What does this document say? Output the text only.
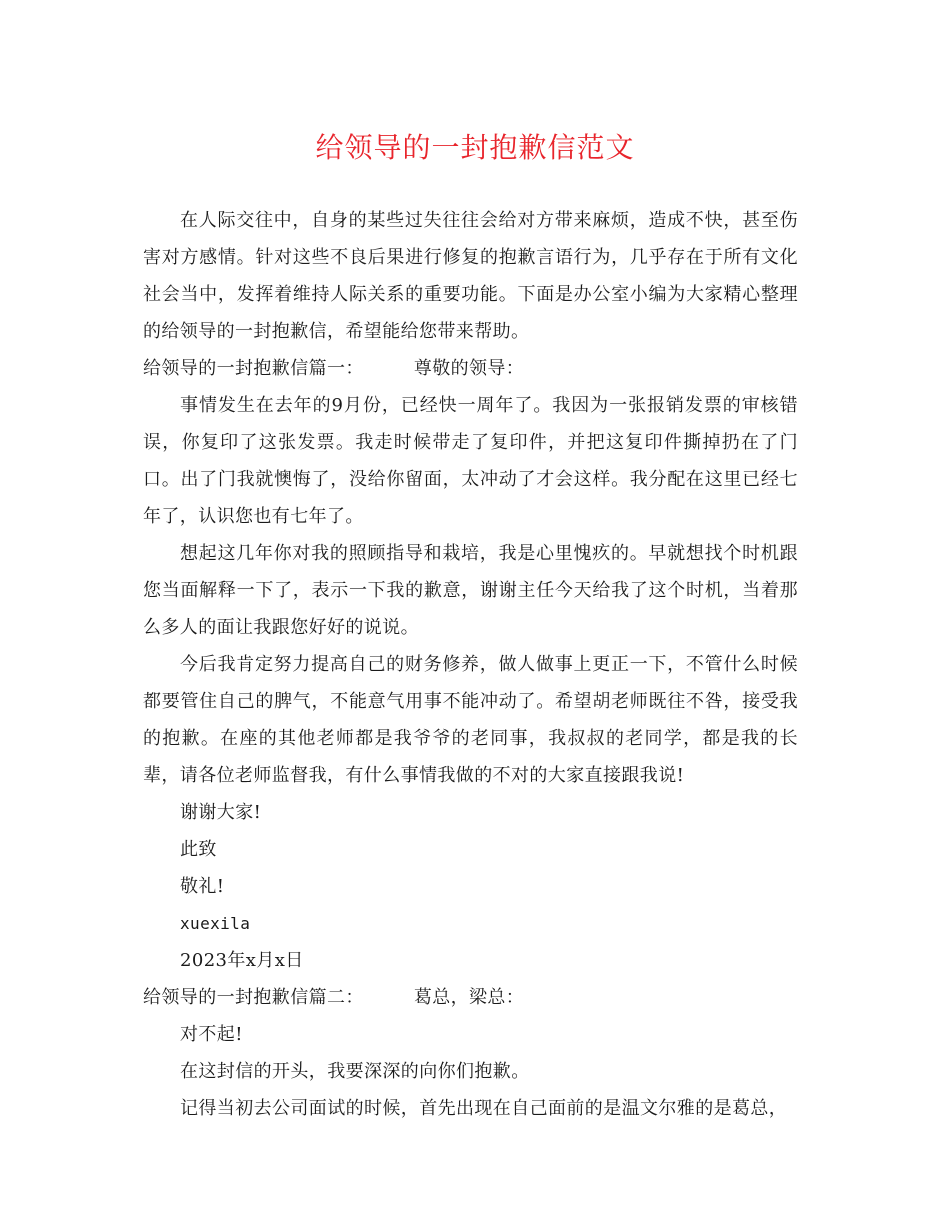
给领导的一封抱歉信范文

在人际交往中，自身的某些过失往往会给对方带来麻烦，造成不快，甚至伤害对方感情。针对这些不良后果进行修复的抱歉言语行为，几乎存在于所有文化社会当中，发挥着维持人际关系的重要功能。下面是办公室小编为大家精心整理的给领导的一封抱歉信，希望能给您带来帮助。

给领导的一封抱歉信篇一：	尊敬的领导：

事情发生在去年的9月份，已经快一周年了。我因为一张报销发票的审核错误，你复印了这张发票。我走时候带走了复印件，并把这复印件撕掉扔在了门口。出了门我就懊悔了，没给你留面，太冲动了才会这样。我分配在这里已经七年了，认识您也有七年了。

想起这几年你对我的照顾指导和栽培，我是心里愧疚的。早就想找个时机跟您当面解释一下了，表示一下我的歉意，谢谢主任今天给我了这个时机，当着那么多人的面让我跟您好好的说说。

今后我肯定努力提高自己的财务修养，做人做事上更正一下，不管什么时候都要管住自己的脾气，不能意气用事不能冲动了。希望胡老师既往不咎，接受我的抱歉。在座的其他老师都是我爷爷的老同事，我叔叔的老同学，都是我的长辈，请各位老师监督我，有什么事情我做的不对的大家直接跟我说!

谢谢大家!

此致

敬礼!

xuexila

2023年x月x日

给领导的一封抱歉信篇二：	葛总，梁总：

对不起!

在这封信的开头，我要深深的向你们抱歉。

记得当初去公司面试的时候，首先出现在自己面前的是温文尔雅的是葛总，
